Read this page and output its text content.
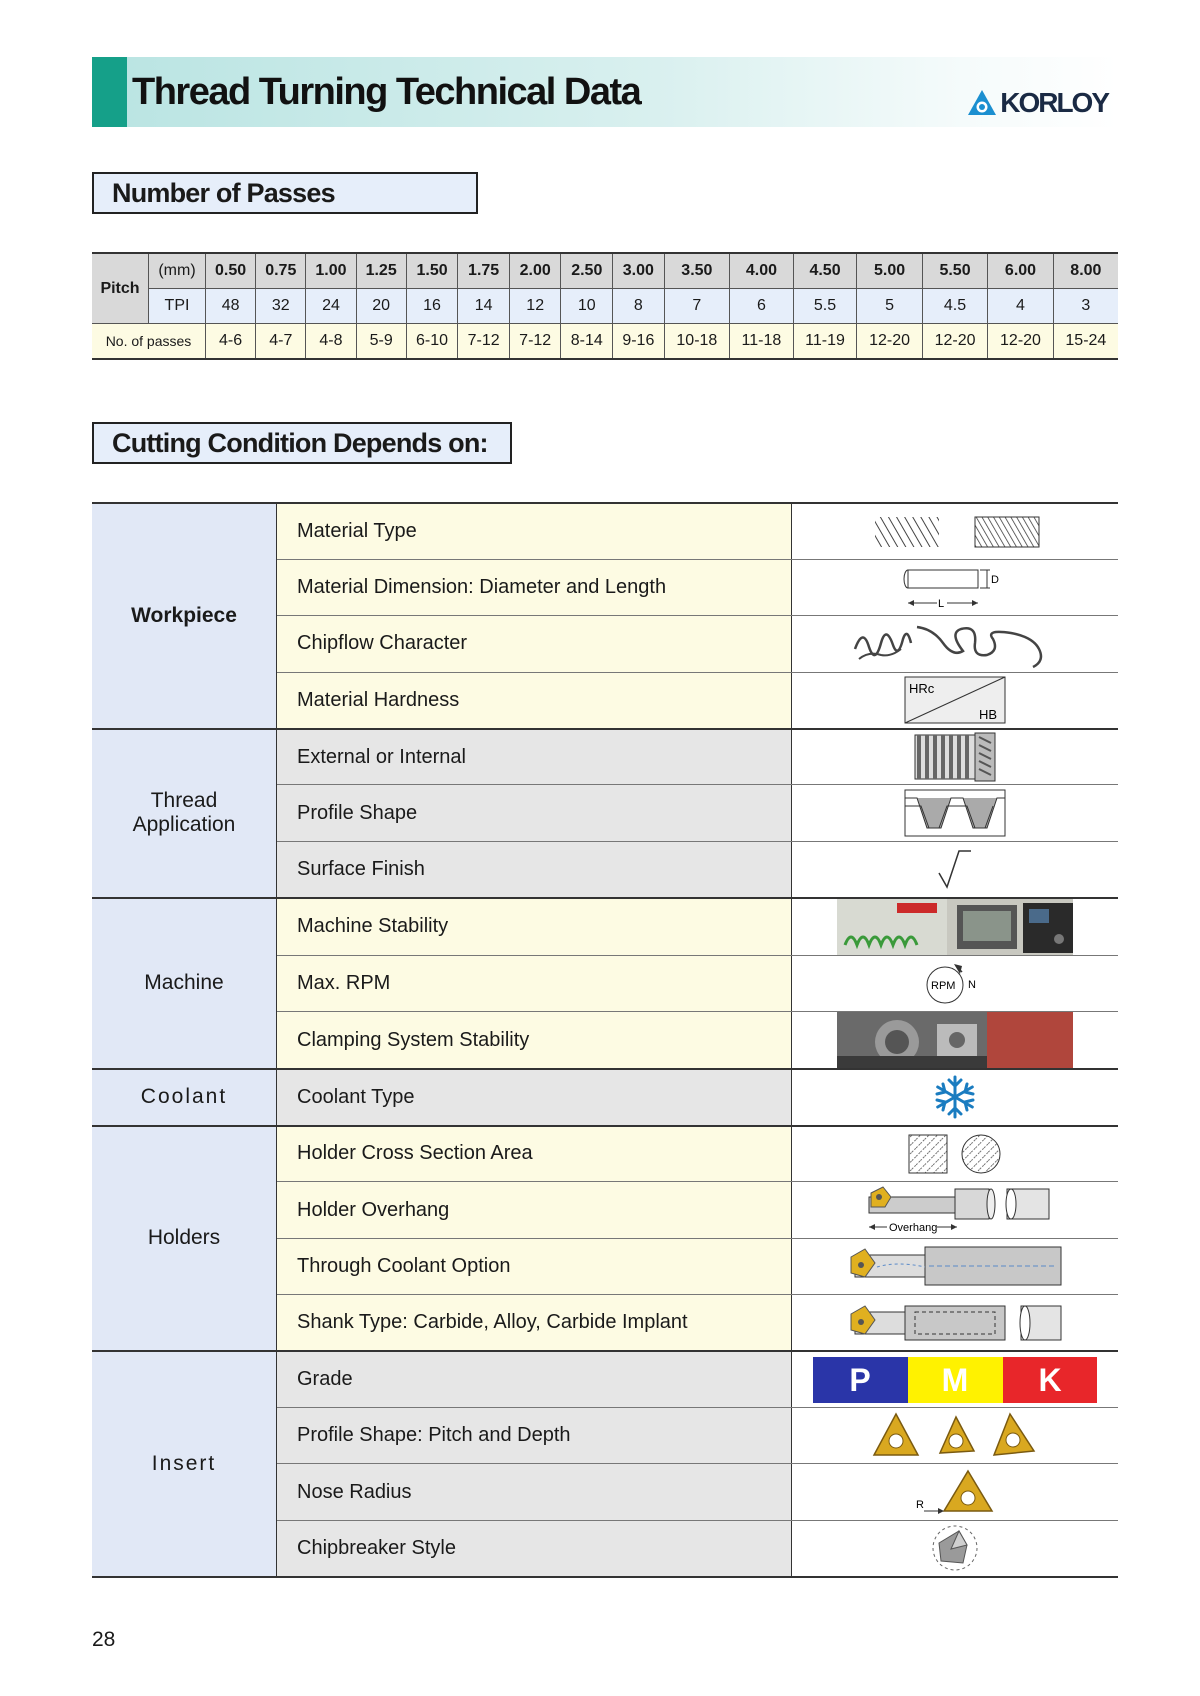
Thread Turning Technical Data	KORLOY
Number of Passes
Pitch	(mm)	0.50	0.75	1.00	1.25	1.50	1.75	2.00	2.50	3.00	3.50	4.00	4.50	5.00	5.50	6.00	8.00
	TPI	48	32	24	20	16	14	12	10	8	7	6	5.5	5	4.5	4	3
No. of passes		4-6	4-7	4-8	5-9	6-10	7-12	7-12	8-14	9-16	10-18	11-18	11-19	12-20	12-20	12-20	15-24
Cutting Condition Depends on:
Workpiece	Material Type	

	Material Dimension: Diameter and Length	D
L

	Chipflow Character	

	Material Hardness	HRc
HB

Thread
Application	External or Internal	

	Profile Shape	

	Surface Finish	

Machine	Machine Stability	

	Max. RPM	RPM N

	Clamping System Stability	

Coolant	Coolant Type	

Holders	Holder Cross Section Area	

	Holder Overhang	Overhang

	Through Coolant Option	

	Shank Type: Carbide, Alloy, Carbide Implant	

Insert	Grade	P M K

	Profile Shape: Pitch and Depth	

	Nose Radius	R

	Chipbreaker Style	
28
